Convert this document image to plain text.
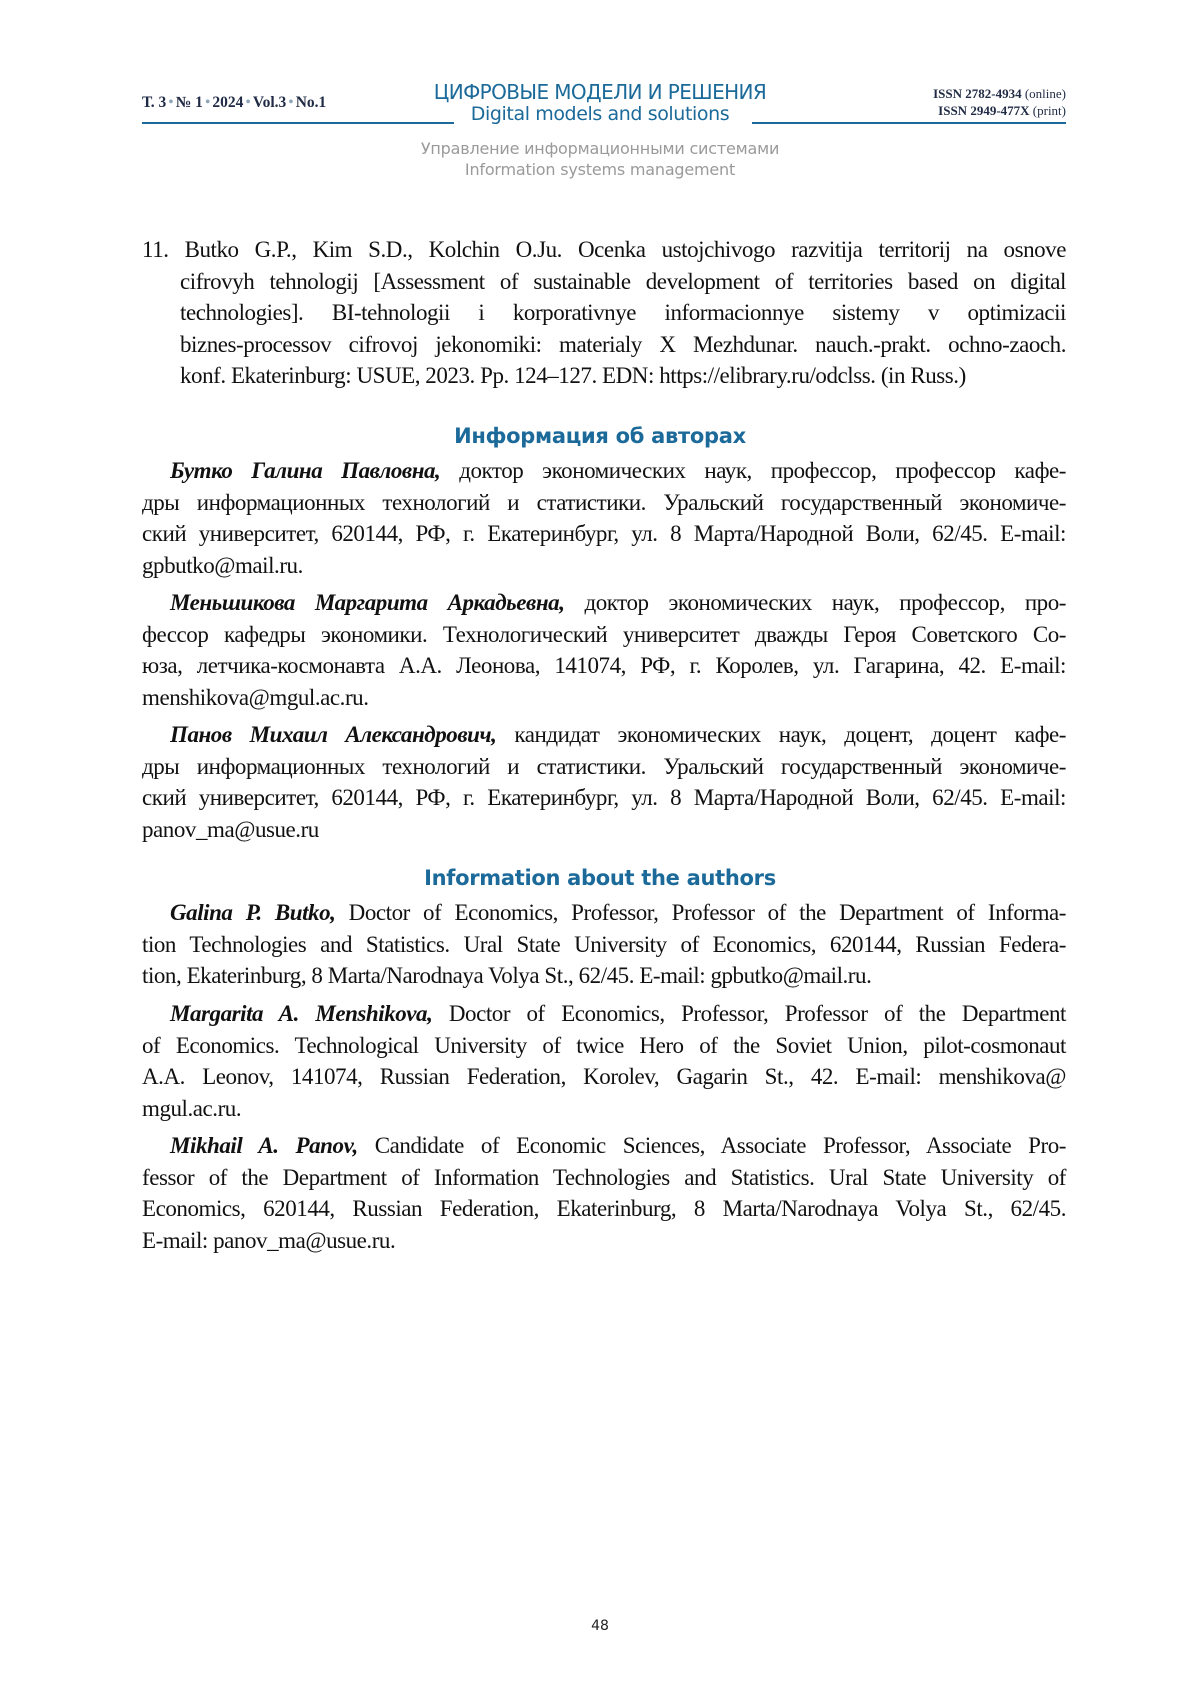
Т. 3 • № 1 • 2024 • Vol.3 • No.1	ЦИФРОВЫЕ МОДЕЛИ И РЕШЕНИЯ
Digital models and solutions
ISSN 2782-4934 (online)
ISSN 2949-477X (print)
Управление информационными системами
Information systems management
11. Butko G.P., Kim S.D., Kolchin O.Ju. Ocenka ustojchivogo razvitija territorij na osnove
cifrovyh tehnologij [Assessment of sustainable development of territories based on digital
technologies]. BI-tehnologii i korporativnye informacionnye sistemy v optimizacii
biznes-processov cifrovoj jekonomiki: materialy X Mezhdunar. nauch.-prakt. ochno-zaoch.
konf. Ekaterinburg: USUE, 2023. Pp. 124–127. EDN: https://elibrary.ru/odclss. (in Russ.)
Информация об авторах
Бутко Галина Павловна, доктор экономических наук, профессор, профессор кафе-
дры информационных технологий и статистики. Уральский государственный экономиче-
ский университет, 620144, РФ, г. Екатеринбург, ул. 8 Марта/Народной Воли, 62/45. E-mail:
gpbutko@mail.ru.
Меньшикова Маргарита Аркадьевна, доктор экономических наук, профессор, про-
фессор кафедры экономики. Технологический университет дважды Героя Советского Со-
юза, летчика-космонавта А.А. Леонова, 141074, РФ, г. Королев, ул. Гагарина, 42. E-mail:
menshikova@mgul.ac.ru.
Панов Михаил Александрович, кандидат экономических наук, доцент, доцент кафе-
дры информационных технологий и статистики. Уральский государственный экономиче-
ский университет, 620144, РФ, г. Екатеринбург, ул. 8 Марта/Народной Воли, 62/45. E-mail:
panov_ma@usue.ru
Information about the authors
Galina P. Butko, Doctor of Economics, Professor, Professor of the Department of Informa-
tion Technologies and Statistics. Ural State University of Economics, 620144, Russian Federa-
tion, Ekaterinburg, 8 Marta/Narodnaya Volya St., 62/45. E-mail: gpbutko@mail.ru.
Margarita A. Menshikova, Doctor of Economics, Professor, Professor of the Department
of Economics. Technological University of twice Hero of the Soviet Union, pilot-cosmonaut
A.A. Leonov, 141074, Russian Federation, Korolev, Gagarin St., 42. E-mail: menshikova@
mgul.ac.ru.
Mikhail A. Panov, Candidate of Economic Sciences, Associate Professor, Associate Pro-
fessor of the Department of Information Technologies and Statistics. Ural State University of
Economics, 620144, Russian Federation, Ekaterinburg, 8 Marta/Narodnaya Volya St., 62/45.
E-mail: panov_ma@usue.ru.
48
